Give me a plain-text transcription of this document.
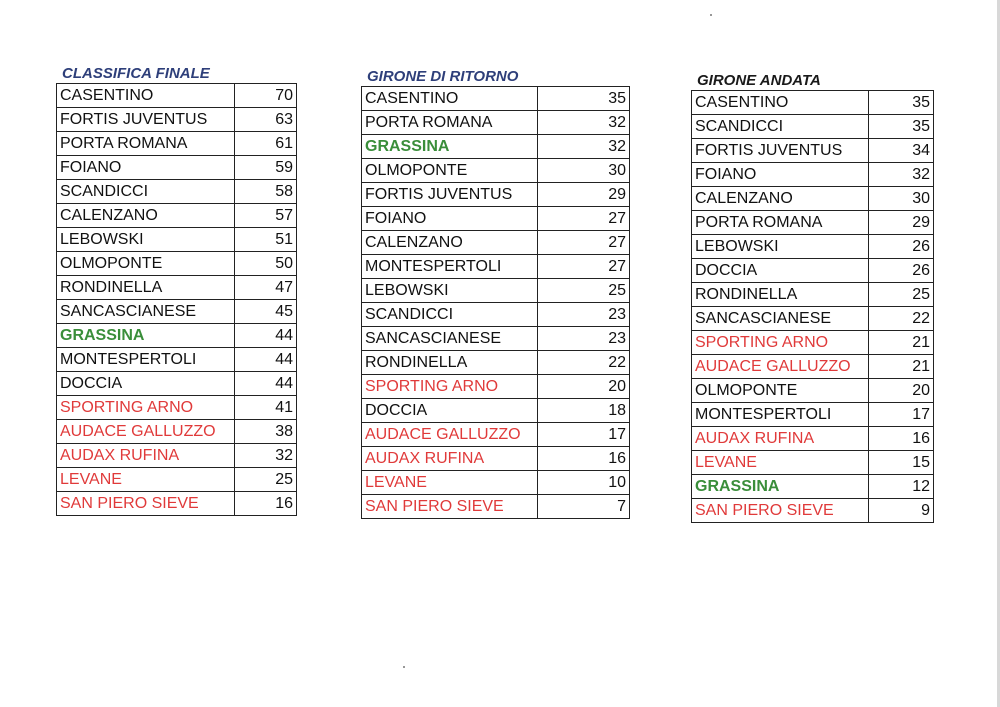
CLASSIFICA FINALE
CASENTINO	70
FORTIS JUVENTUS	63
PORTA ROMANA	61
FOIANO	59
SCANDICCI	58
CALENZANO	57
LEBOWSKI	51
OLMOPONTE	50
RONDINELLA	47
SANCASCIANESE	45
GRASSINA	44
MONTESPERTOLI	44
DOCCIA	44
SPORTING ARNO	41
AUDACE GALLUZZO	38
AUDAX RUFINA	32
LEVANE	25
SAN PIERO SIEVE	16
GIRONE DI RITORNO
CASENTINO	35
PORTA ROMANA	32
GRASSINA	32
OLMOPONTE	30
FORTIS JUVENTUS	29
FOIANO	27
CALENZANO	27
MONTESPERTOLI	27
LEBOWSKI	25
SCANDICCI	23
SANCASCIANESE	23
RONDINELLA	22
SPORTING ARNO	20
DOCCIA	18
AUDACE GALLUZZO	17
AUDAX RUFINA	16
LEVANE	10
SAN PIERO SIEVE	7
GIRONE ANDATA
CASENTINO	35
SCANDICCI	35
FORTIS JUVENTUS	34
FOIANO	32
CALENZANO	30
PORTA ROMANA	29
LEBOWSKI	26
DOCCIA	26
RONDINELLA	25
SANCASCIANESE	22
SPORTING ARNO	21
AUDACE GALLUZZO	21
OLMOPONTE	20
MONTESPERTOLI	17
AUDAX RUFINA	16
LEVANE	15
GRASSINA	12
SAN PIERO SIEVE	9
